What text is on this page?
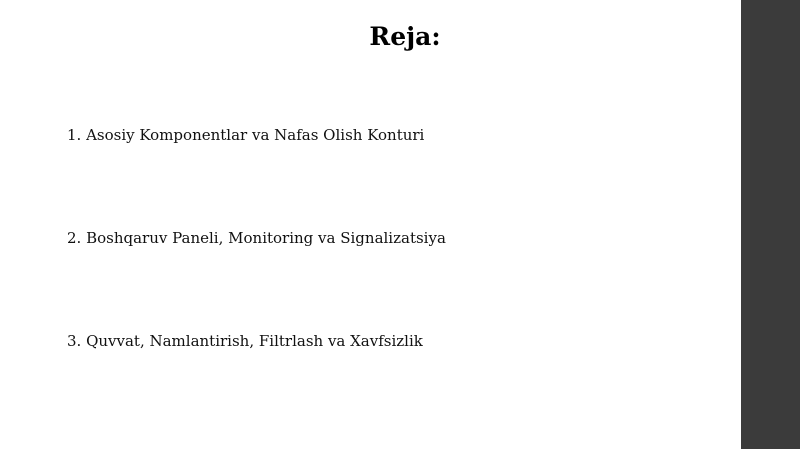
Reja:
1. Asosiy Komponentlar va Nafas Olish Konturi
2. Boshqaruv Paneli, Monitoring va Signalizatsiya
3. Quvvat, Namlantirish, Filtrlash va Xavfsizlik
